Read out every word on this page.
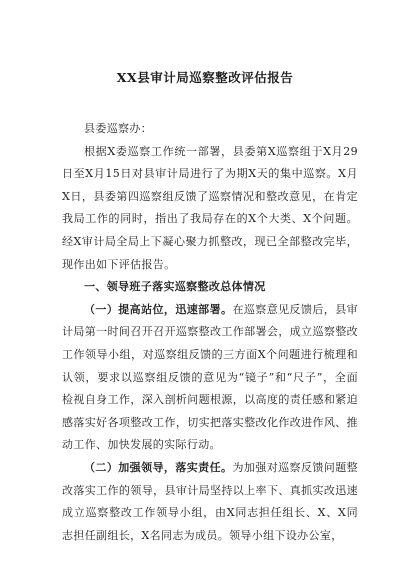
XX县审计局巡察整改评估报告

县委巡察办：

根据X委巡察工作统一部署，县委第X巡察组于X月29日至X月15日对县审计局进行了为期X天的集中巡察。X月X日，县委第四巡察组反馈了巡察情况和整改意见，在肯定我局工作的同时，指出了我局存在的X个大类、X个问题。经X审计局全局上下凝心聚力抓整改，现已全部整改完毕，现作出如下评估报告。

一、领导班子落实巡察整改总体情况

（一）提高站位，迅速部署。在巡察意见反馈后，县审计局第一时间召开召开巡察整改工作部署会，成立巡察整改工作领导小组，对巡察组反馈的三方面X个问题进行梳理和认领，要求以巡察组反馈的意见为“镜子”和“尺子”，全面检视自身工作，深入剖析问题根源，以高度的责任感和紧迫感落实好各项整改工作，切实把落实整改化作改进作风、推动工作、加快发展的实际行动。

（二）加强领导，落实责任。为加强对巡察反馈问题整改落实工作的领导，县审计局坚持以上率下、真抓实改迅速成立巡察整改工作领导小组，由X同志担任组长、X、X同志担任副组长，X名同志为成员。领导小组下设办公室，
